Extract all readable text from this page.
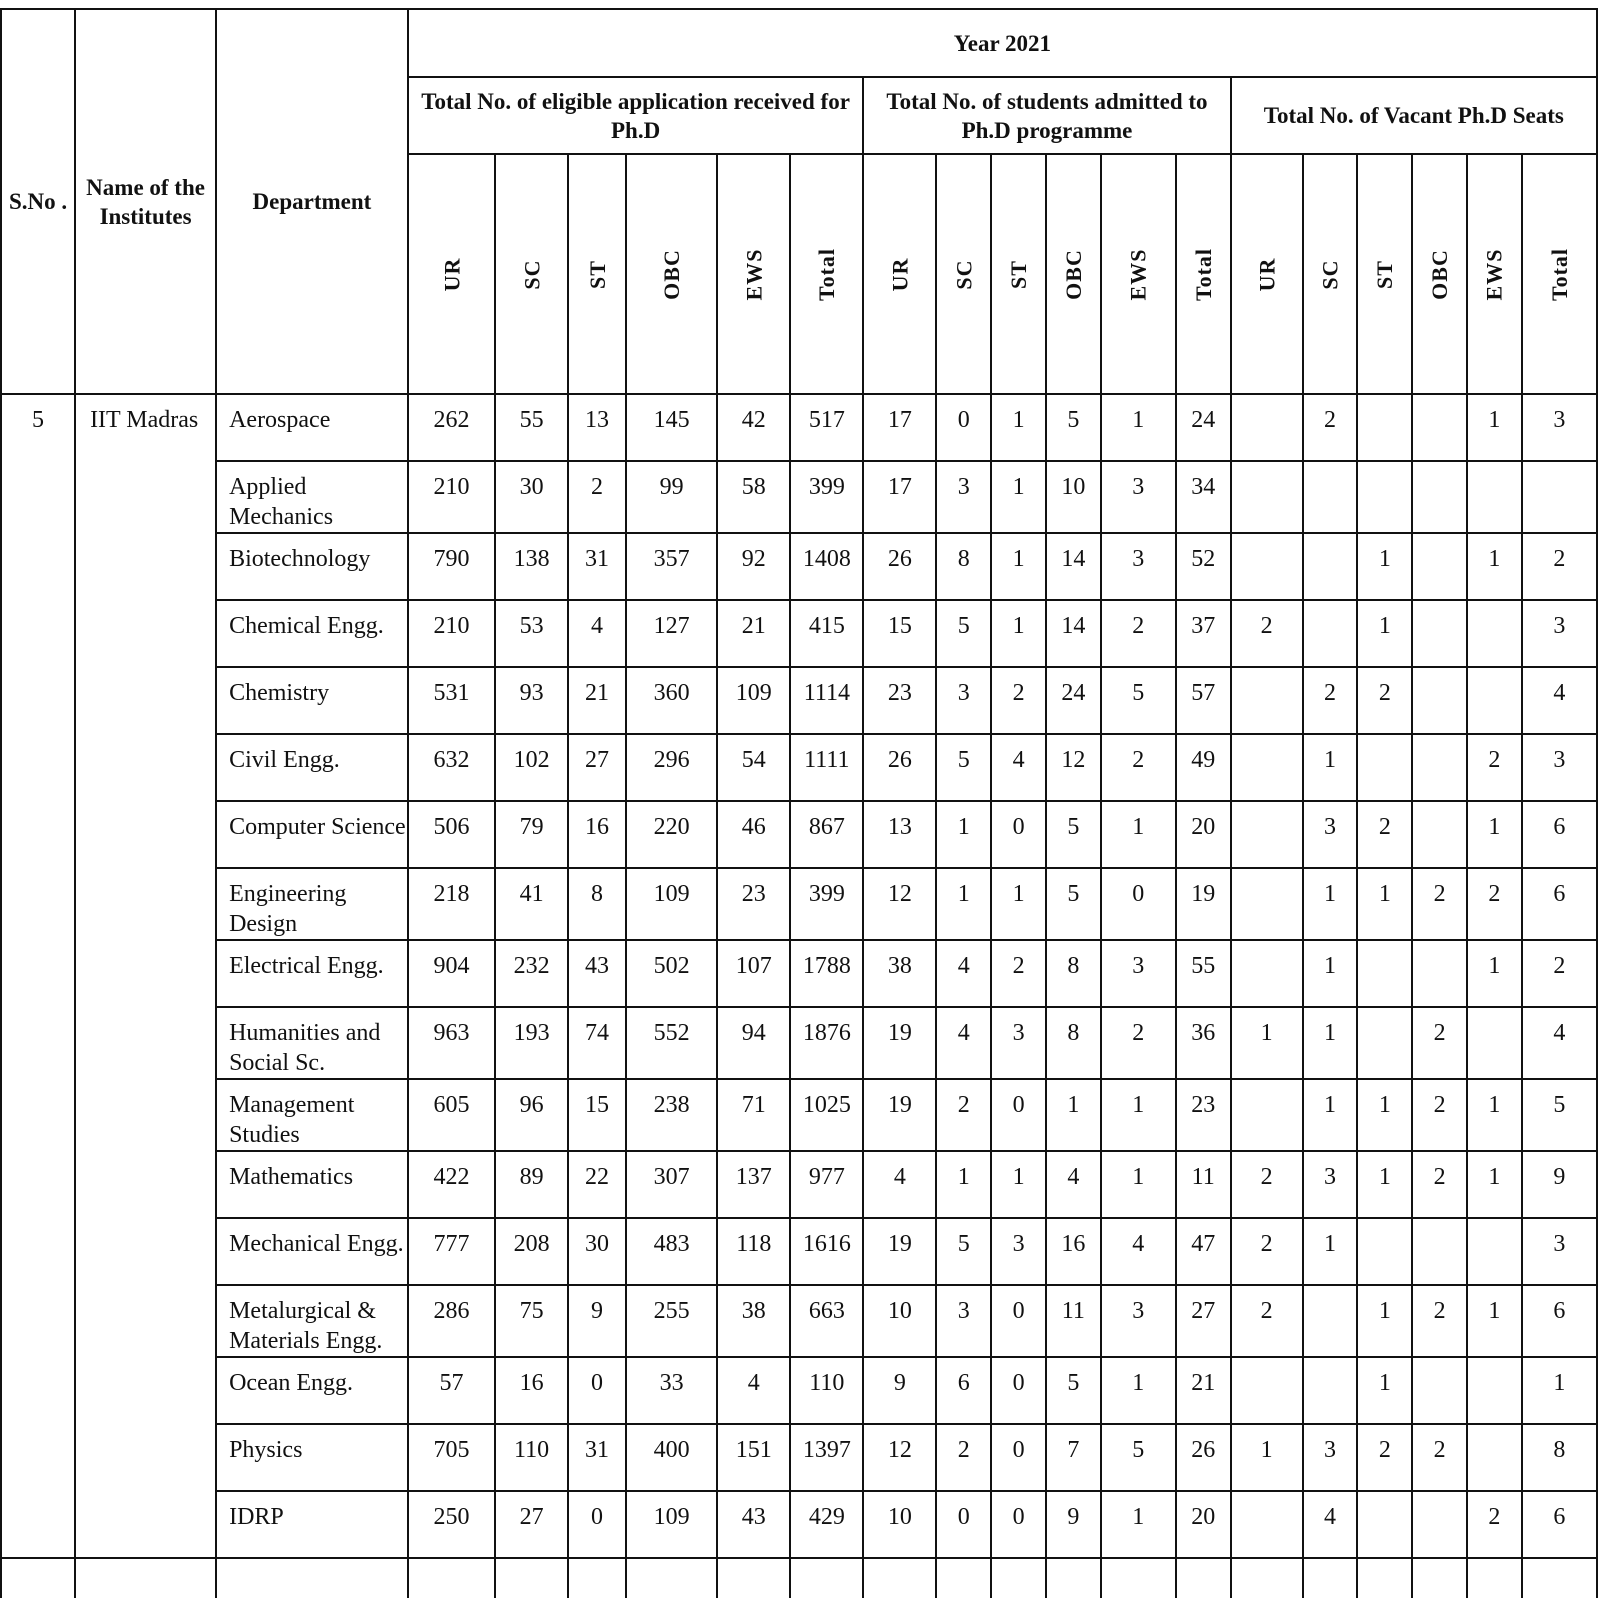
S.No .	Name of the Institutes	Department	Year 2021																	
			Total No. of eligible application received for Ph.D						Total No. of students admitted to Ph.D programme						Total No. of Vacant Ph.D Seats					
			UR	SC	ST	OBC	EWS	Total	UR	SC	ST	OBC	EWS	Total	UR	SC	ST	OBC	EWS	Total
5	IIT Madras	Aerospace	262	55	13	145	42	517	17	0	1	5	1	24		2			1	3
		Applied Mechanics	210	30	2	99	58	399	17	3	1	10	3	34						
		Biotechnology	790	138	31	357	92	1408	26	8	1	14	3	52			1		1	2
		Chemical Engg.	210	53	4	127	21	415	15	5	1	14	2	37	2		1			3
		Chemistry	531	93	21	360	109	1114	23	3	2	24	5	57		2	2			4
		Civil Engg.	632	102	27	296	54	1111	26	5	4	12	2	49		1			2	3
		Computer Science	506	79	16	220	46	867	13	1	0	5	1	20		3	2		1	6
		Engineering Design	218	41	8	109	23	399	12	1	1	5	0	19		1	1	2	2	6
		Electrical Engg.	904	232	43	502	107	1788	38	4	2	8	3	55		1			1	2
		Humanities and Social Sc.	963	193	74	552	94	1876	19	4	3	8	2	36	1	1		2		4
		Management Studies	605	96	15	238	71	1025	19	2	0	1	1	23		1	1	2	1	5
		Mathematics	422	89	22	307	137	977	4	1	1	4	1	11	2	3	1	2	1	9
		Mechanical Engg.	777	208	30	483	118	1616	19	5	3	16	4	47	2	1				3
		Metalurgical & Materials Engg.	286	75	9	255	38	663	10	3	0	11	3	27	2		1	2	1	6
		Ocean Engg.	57	16	0	33	4	110	9	6	0	5	1	21			1			1
		Physics	705	110	31	400	151	1397	12	2	0	7	5	26	1	3	2	2		8
		IDRP	250	27	0	109	43	429	10	0	0	9	1	20		4			2	6
